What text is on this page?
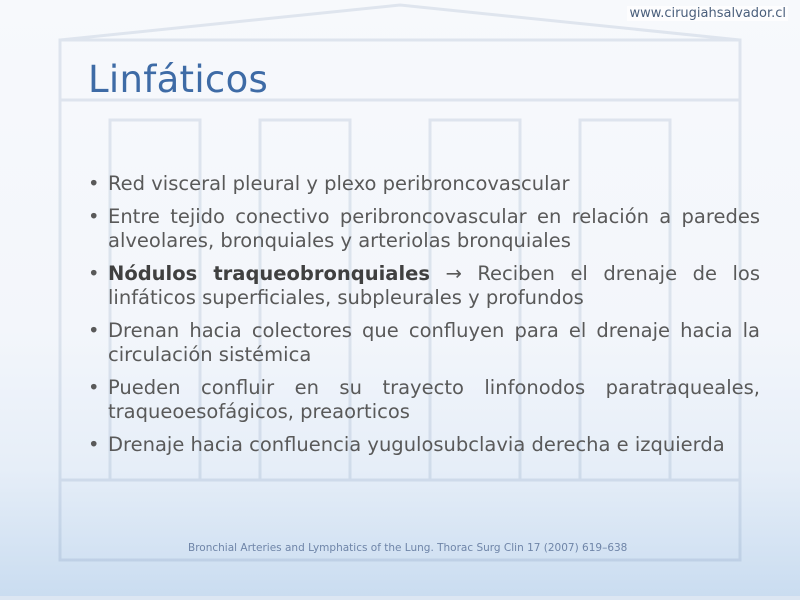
www.cirugiahsalvador.cl
Linfáticos
• Red visceral pleural y plexo peribroncovascular
• Entre tejido conectivo peribroncovascular en relación a paredes alveolares, bronquiales y arteriolas bronquiales
• Nódulos traqueobronquiales → Reciben el drenaje de los linfáticos superficiales, subpleurales y profundos
• Drenan hacia colectores que confluyen para el drenaje hacia la circulación sistémica
• Pueden confluir en su trayecto linfonodos paratraqueales, traqueoesofágicos, preaorticos
• Drenaje hacia confluencia yugulosubclavia derecha e izquierda
Bronchial Arteries and Lymphatics of the Lung. Thorac Surg Clin 17 (2007) 619–638
